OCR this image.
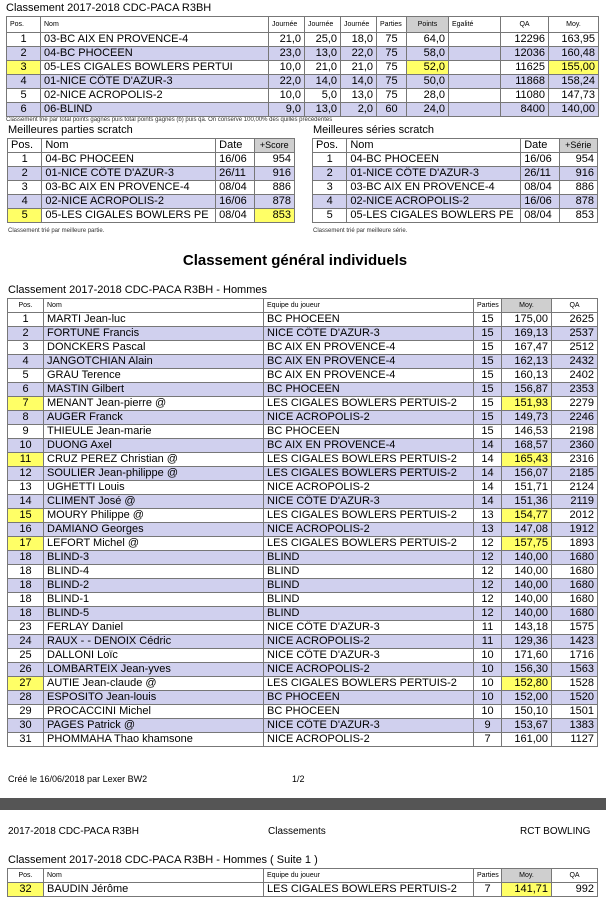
Classement 2017-2018 CDC-PACA R3BH
Pos.	Nom	Journée	Journée	Journée	Parties	Points	Egalité	QA	Moy.
1	03-BC AIX EN PROVENCE-4	21,0	25,0	18,0	75	64,0		12296	163,95
2	04-BC PHOCEEN	23,0	13,0	22,0	75	58,0		12036	160,48
3	05-LES CIGALES BOWLERS PERTUI	10,0	21,0	21,0	75	52,0		11625	155,00
4	01-NICE CÔTE D'AZUR-3	22,0	14,0	14,0	75	50,0		11868	158,24
5	02-NICE ACROPOLIS-2	10,0	5,0	13,0	75	28,0		11080	147,73
6	06-BLIND	9,0	13,0	2,0	60	24,0		8400	140,00
Classement trié par total points gagnés puis total points gagnés (b) puis qa. On conserve 100,00% des quilles précédentes
Meilleures parties scratch
Pos.	Nom	Date	+Score
1	04-BC PHOCEEN	16/06	954
2	01-NICE CÔTE D'AZUR-3	26/11	916
3	03-BC AIX EN PROVENCE-4	08/04	886
4	02-NICE ACROPOLIS-2	16/06	878
5	05-LES CIGALES BOWLERS PE	08/04	853
Classement trié par meilleure partie.
Meilleures séries scratch
Pos.	Nom	Date	+Série
1	04-BC PHOCEEN	16/06	954
2	01-NICE CÔTE D'AZUR-3	26/11	916
3	03-BC AIX EN PROVENCE-4	08/04	886
4	02-NICE ACROPOLIS-2	16/06	878
5	05-LES CIGALES BOWLERS PE	08/04	853
Classement trié par meilleure série.
Classement général individuels
Classement 2017-2018 CDC-PACA R3BH - Hommes
Pos.	Nom	Equipe du joueur	Parties	Moy.	QA
1	MARTI Jean-luc	BC PHOCEEN	15	175,00	2625
2	FORTUNE Francis	NICE CÔTE D'AZUR-3	15	169,13	2537
3	DONCKERS Pascal	BC AIX EN PROVENCE-4	15	167,47	2512
4	JANGOTCHIAN Alain	BC AIX EN PROVENCE-4	15	162,13	2432
5	GRAU Terence	BC AIX EN PROVENCE-4	15	160,13	2402
6	MASTIN Gilbert	BC PHOCEEN	15	156,87	2353
7	MENANT Jean-pierre @	LES CIGALES BOWLERS PERTUIS-2	15	151,93	2279
8	AUGER Franck	NICE ACROPOLIS-2	15	149,73	2246
9	THIEULE Jean-marie	BC PHOCEEN	15	146,53	2198
10	DUONG Axel	BC AIX EN PROVENCE-4	14	168,57	2360
11	CRUZ PEREZ Christian @	LES CIGALES BOWLERS PERTUIS-2	14	165,43	2316
12	SOULIER Jean-philippe @	LES CIGALES BOWLERS PERTUIS-2	14	156,07	2185
13	UGHETTI Louis	NICE ACROPOLIS-2	14	151,71	2124
14	CLIMENT José @	NICE CÔTE D'AZUR-3	14	151,36	2119
15	MOURY Philippe @	LES CIGALES BOWLERS PERTUIS-2	13	154,77	2012
16	DAMIANO Georges	NICE ACROPOLIS-2	13	147,08	1912
17	LEFORT Michel @	LES CIGALES BOWLERS PERTUIS-2	12	157,75	1893
18	BLIND-3	BLIND	12	140,00	1680
18	BLIND-4	BLIND	12	140,00	1680
18	BLIND-2	BLIND	12	140,00	1680
18	BLIND-1	BLIND	12	140,00	1680
18	BLIND-5	BLIND	12	140,00	1680
23	FERLAY Daniel	NICE CÔTE D'AZUR-3	11	143,18	1575
24	RAUX - - DENOIX Cédric	NICE ACROPOLIS-2	11	129,36	1423
25	DALLONI Loïc	NICE CÔTE D'AZUR-3	10	171,60	1716
26	LOMBARTEIX Jean-yves	NICE ACROPOLIS-2	10	156,30	1563
27	AUTIE Jean-claude @	LES CIGALES BOWLERS PERTUIS-2	10	152,80	1528
28	ESPOSITO Jean-louis	BC PHOCEEN	10	152,00	1520
29	PROCACCINI Michel	BC PHOCEEN	10	150,10	1501
30	PAGES Patrick @	NICE CÔTE D'AZUR-3	9	153,67	1383
31	PHOMMAHA Thao khamsone	NICE ACROPOLIS-2	7	161,00	1127
Créé le 16/06/2018 par Lexer BW2	1/2
2017-2018 CDC-PACA R3BH	Classements	RCT BOWLING
Classement 2017-2018 CDC-PACA R3BH - Hommes ( Suite 1 )
Pos.	Nom	Equipe du joueur	Parties	Moy.	QA
32	BAUDIN Jérôme	LES CIGALES BOWLERS PERTUIS-2	7	141,71	992
